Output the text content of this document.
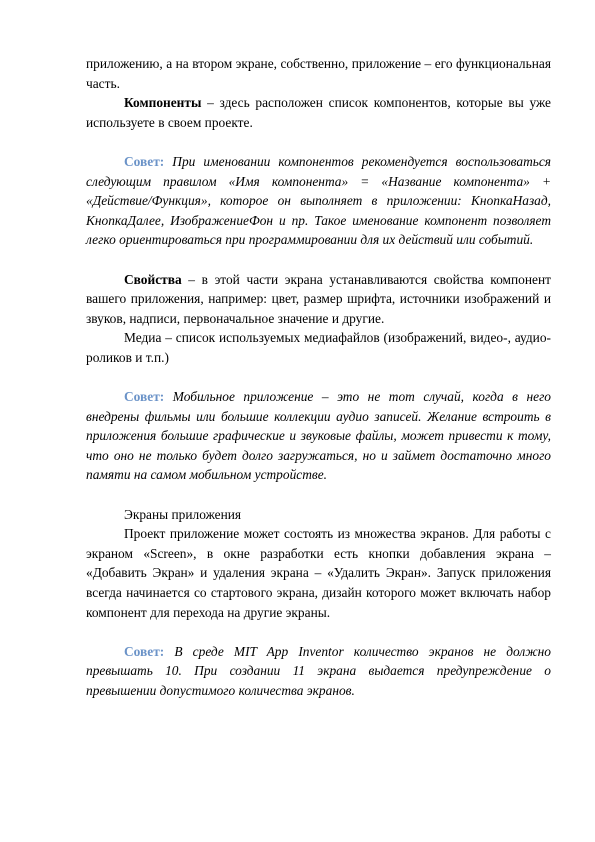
приложению, а на втором экране, собственно, приложение – его функциональная часть.

Компоненты – здесь расположен список компонентов, которые вы уже используете в своем проекте.

Совет: При именовании компонентов рекомендуется воспользоваться следующим правилом «Имя компонента» = «Название компонента» + «Действие/Функция», которое он выполняет в приложении: КнопкаНазад, КнопкаДалее, ИзображениеФон и пр. Такое именование компонент позволяет легко ориентироваться при программировании для их действий или событий.

Свойства – в этой части экрана устанавливаются свойства компонент вашего приложения, например: цвет, размер шрифта, источники изображений и звуков, надписи, первоначальное значение и другие.

Медиа – список используемых медиафайлов (изображений, видео-, аудио-роликов и т.п.)

Совет: Мобильное приложение – это не тот случай, когда в него внедрены фильмы или большие коллекции аудио записей. Желание встроить в приложения большие графические и звуковые файлы, может привести к тому, что оно не только будет долго загружаться, но и займет достаточно много памяти на самом мобильном устройстве.

Экраны приложения

Проект приложение может состоять из множества экранов. Для работы с экраном «Screen», в окне разработки есть кнопки добавления экрана – «Добавить Экран» и удаления экрана – «Удалить Экран». Запуск приложения всегда начинается со стартового экрана, дизайн которого может включать набор компонент для перехода на другие экраны.

Совет: В среде MIT App Inventor количество экранов не должно превышать 10. При создании 11 экрана выдается предупреждение о превышении допустимого количества экранов.
